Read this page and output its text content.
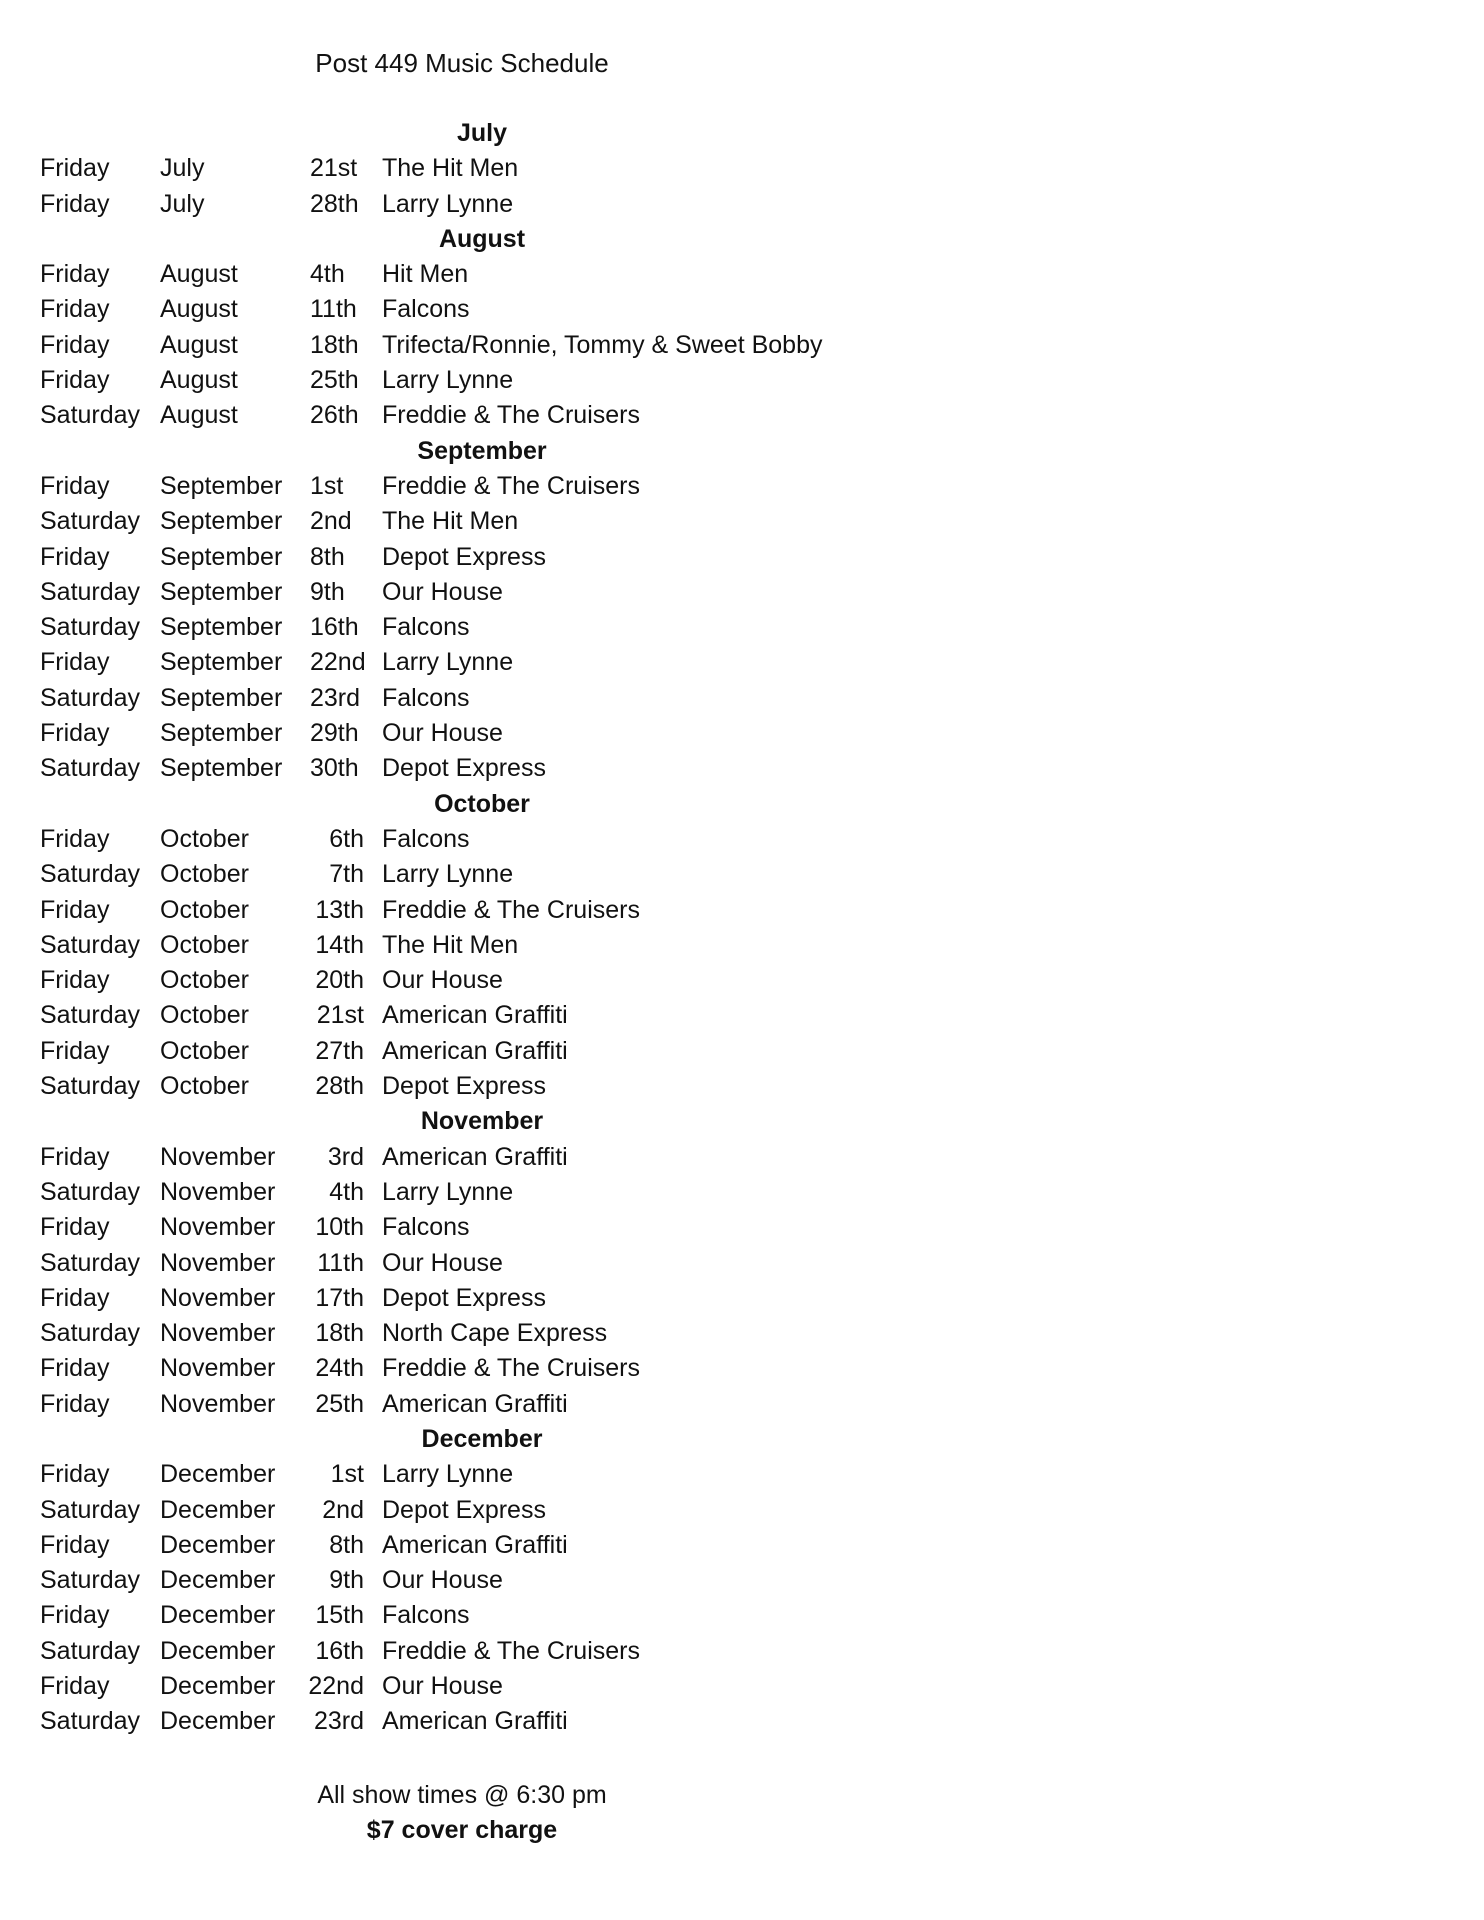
Post 449 Music Schedule
July
Friday July	21st The Hit Men
Friday July	28th Larry Lynne
August
Friday August	4th	Hit Men
Friday August	11th	Falcons
Friday August	18th Trifecta/Ronnie, Tommy & Sweet Bobby
Friday August	25th Larry Lynne
Saturday August	26th Freddie & The Cruisers
September
Friday September 1st	Freddie & The Cruisers
Saturday September 2nd	The Hit Men
Friday September 8th	Depot Express
Saturday September 9th	Our House
Saturday September 16th Falcons
Friday September 22nd Larry Lynne
Saturday September 23rd Falcons
Friday September 29th Our House
Saturday September 30th Depot Express
October
Friday October	6th Falcons
Saturday October	7th Larry Lynne
Friday October	13th Freddie & The Cruisers
Saturday October	14th The Hit Men
Friday October	20th Our House
Saturday October	21st American Graffiti
Friday October	27th American Graffiti
Saturday October	28th Depot Express
November
Friday November	3rd American Graffiti
Saturday November	4th Larry Lynne
Friday November 10th Falcons
Saturday November	11th Our House
Friday November 17th Depot Express
Saturday November 18th North Cape Express
Friday November 24th Freddie & The Cruisers
Friday November 25th American Graffiti
December
Friday December	1st Larry Lynne
Saturday December	2nd Depot Express
Friday December	8th American Graffiti
Saturday December	9th Our House
Friday December 15th Falcons
Saturday December 16th Freddie & The Cruisers
Friday December 22nd Our House
Saturday December 23rd American Graffiti
All show times @ 6:30 pm
$7 cover charge
